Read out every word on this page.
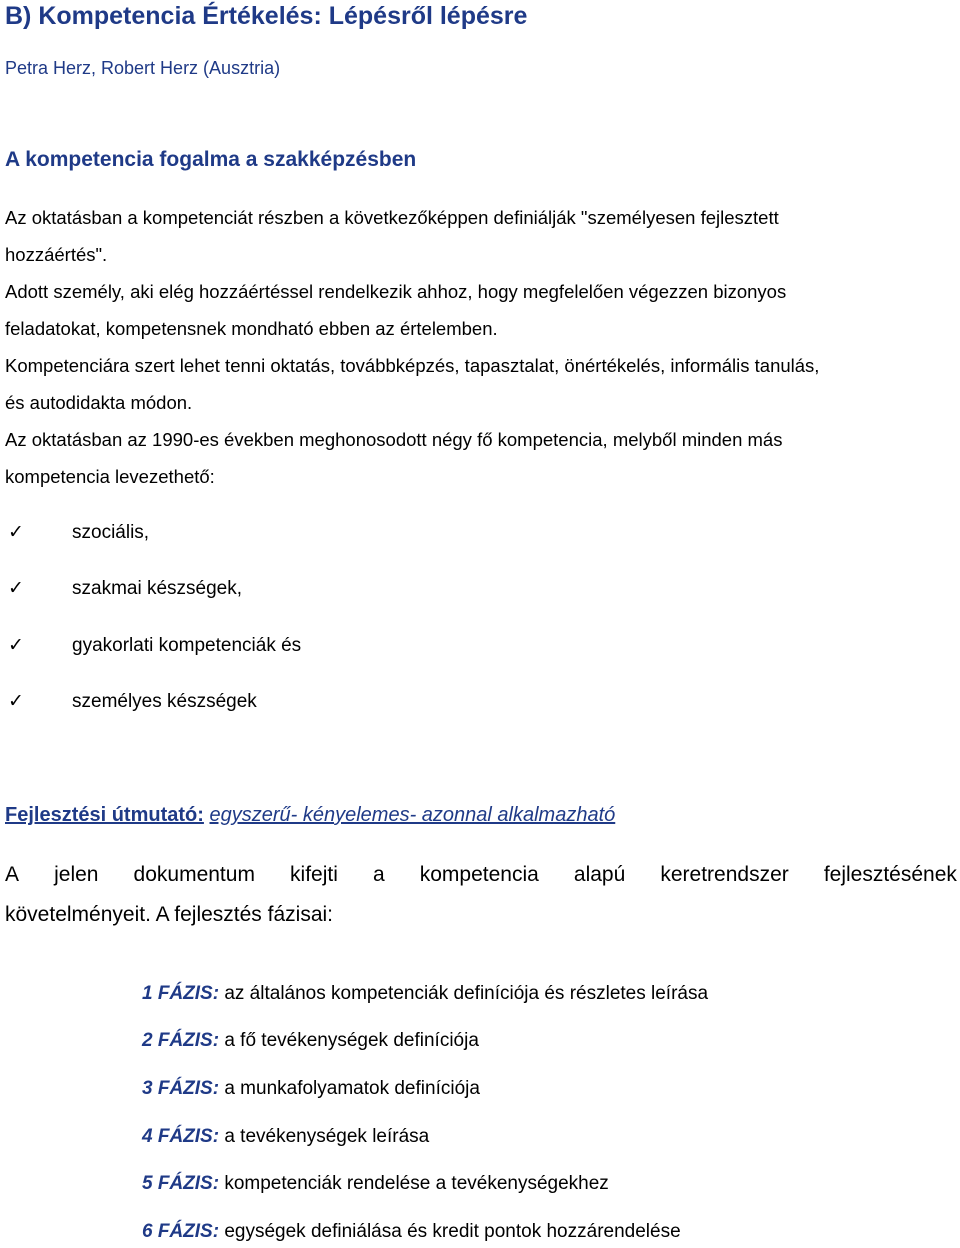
B) Kompetencia Értékelés: Lépésről lépésre
Petra Herz, Robert Herz (Ausztria)
A kompetencia fogalma a szakképzésben
Az oktatásban a kompetenciát részben a következőképpen definiálják "személyesen fejlesztett
hozzáértés".
Adott személy, aki elég hozzáértéssel rendelkezik ahhoz, hogy megfelelően végezzen bizonyos
feladatokat, kompetensnek mondható ebben az értelemben.
Kompetenciára szert lehet tenni oktatás, továbbképzés, tapasztalat, önértékelés, informális tanulás,
és autodidakta módon.
Az oktatásban az 1990-es években meghonosodott négy fő kompetencia, melyből minden más
kompetencia levezethető:
✓	szociális,
✓	szakmai készségek,
✓	gyakorlati kompetenciák és
✓	személyes készségek
Fejlesztési útmutató: egyszerű- kényelemes- azonnal alkalmazható
A jelen dokumentum kifejti a kompetencia alapú keretrendszer fejlesztésének
követelményeit. A fejlesztés fázisai:
1 FÁZIS: az általános kompetenciák definíciója és részletes leírása
2 FÁZIS: a fő tevékenységek definíciója
3 FÁZIS: a munkafolyamatok definíciója
4 FÁZIS: a tevékenységek leírása
5 FÁZIS: kompetenciák rendelése a tevékenységekhez
6 FÁZIS: egységek definiálása és kredit pontok hozzárendelése
